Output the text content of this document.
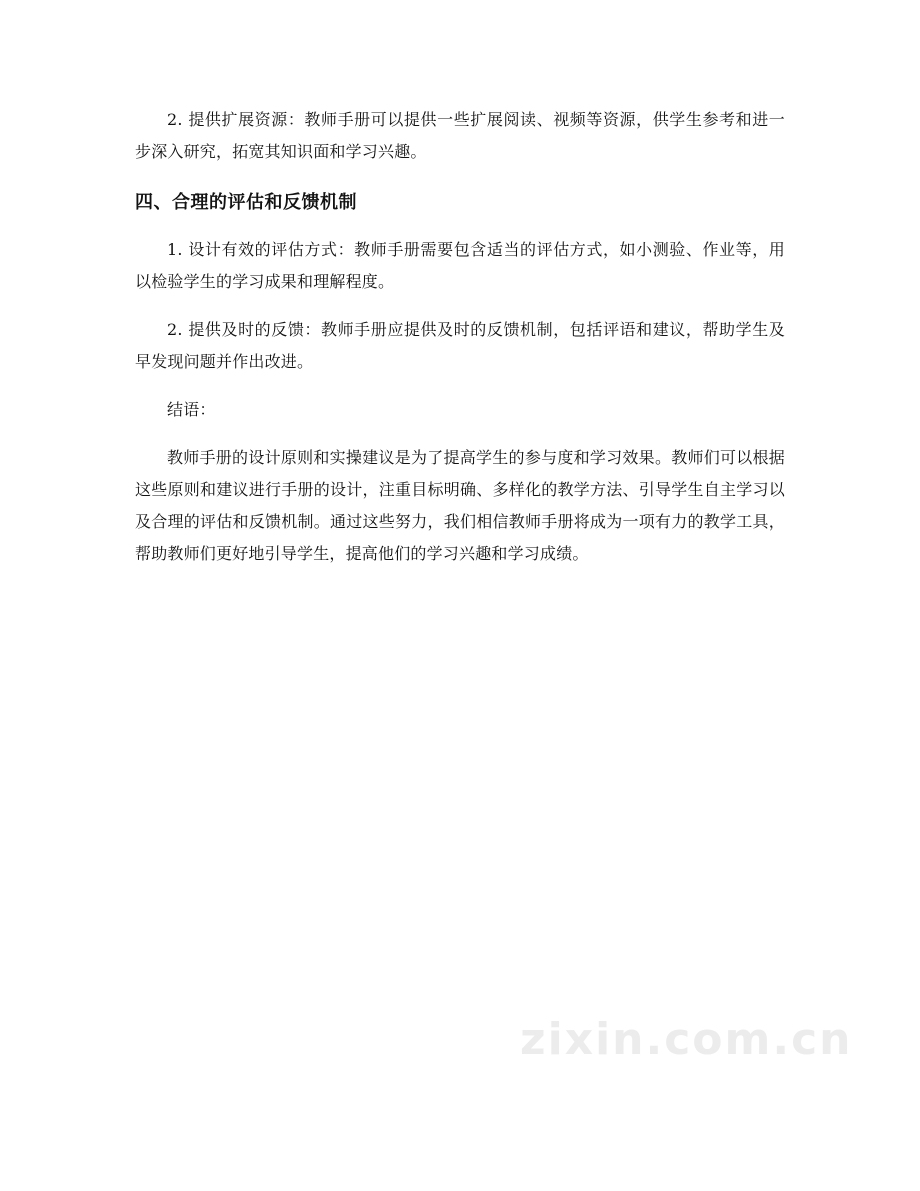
2. 提供扩展资源：教师手册可以提供一些扩展阅读、视频等资源，供学生参考和进一步深入研究，拓宽其知识面和学习兴趣。

四、合理的评估和反馈机制

1. 设计有效的评估方式：教师手册需要包含适当的评估方式，如小测验、作业等，用以检验学生的学习成果和理解程度。

2. 提供及时的反馈：教师手册应提供及时的反馈机制，包括评语和建议，帮助学生及早发现问题并作出改进。

结语：

教师手册的设计原则和实操建议是为了提高学生的参与度和学习效果。教师们可以根据这些原则和建议进行手册的设计，注重目标明确、多样化的教学方法、引导学生自主学习以及合理的评估和反馈机制。通过这些努力，我们相信教师手册将成为一项有力的教学工具，帮助教师们更好地引导学生，提高他们的学习兴趣和学习成绩。

zixin.com.cn
